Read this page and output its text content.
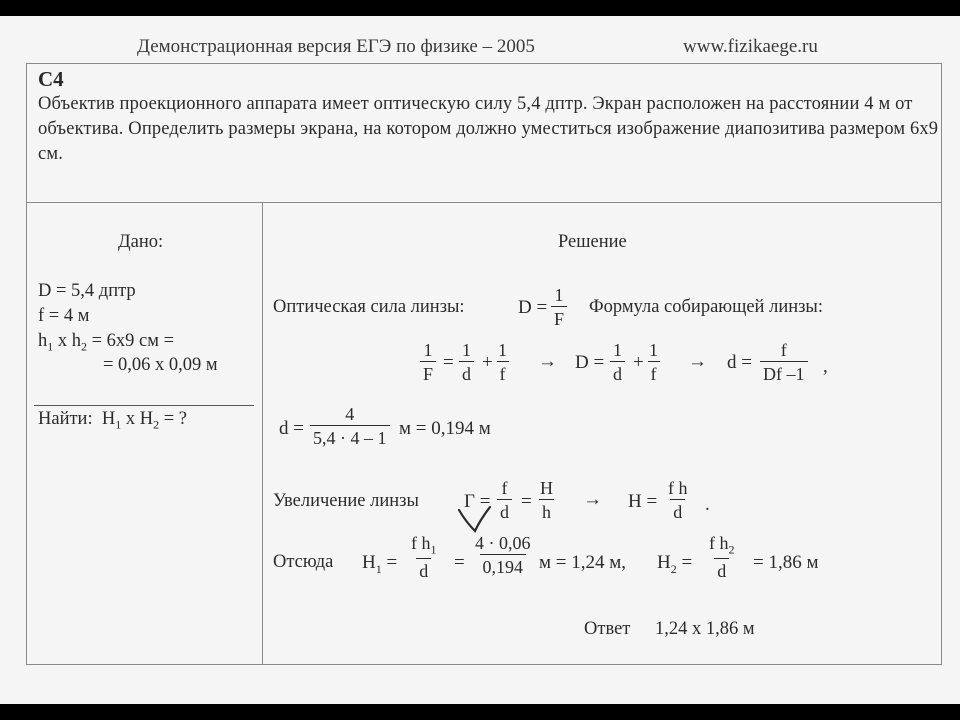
Демонстрационная версия ЕГЭ по физике – 2005	www.fizikaege.ru
С4
Объектив проекционного аппарата имеет оптическую силу 5,4 дптр. Экран расположен на расстоянии 4 м от объектива. Определить размеры экрана, на котором должно уместиться изображение диапозитива размером 6х9 см.
Дано:
D = 5,4 дптр
f = 4 м
$h_1$ x $h_2 = 6х9$ см =
= 0,06 х 0,09 м
Найти: $H_1$ x $H_2$ = ?
Решение
Оптическая сила линзы:	$D = \frac{1}{F}$ Формула собирающей линзы:
$\frac{1}{F} = \frac{1}{d} + \frac{1}{f} \to D = \frac{1}{d} + \frac{1}{f} \to d = \frac{f}{Df -1}$ ,
$d = \frac{4}{5,4 \cdot 4 - 1}$ м = 0,194 м
Увеличение линзы $Г = \frac{f}{d} = \frac{H}{h} \to H = \frac{\text{f h}}{d}$ .
Отсюда $H_1 = \frac{f h_1}{d} = \frac{4 \cdot 0,06}{0,194}$ м = 1,24 м, $H_2 = \frac{f h_2}{d} = 1,86$ м
Ответ 1,24 х 1,86 м
